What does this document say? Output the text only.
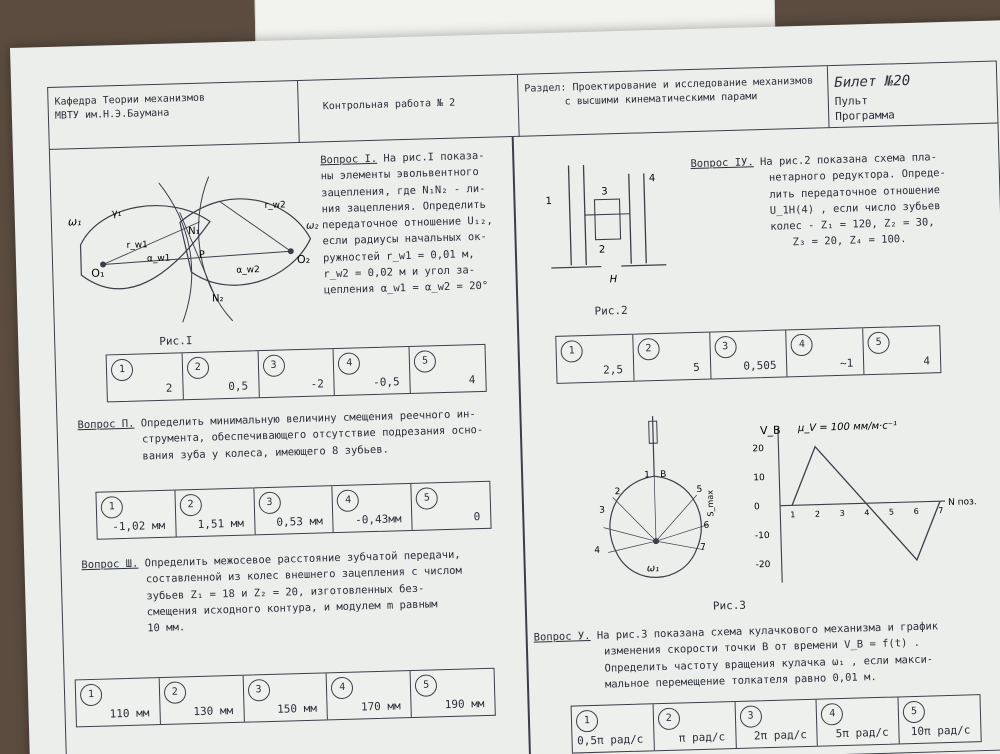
Кафедра Теории механизмов
МВТУ им.Н.Э.Баумана
Контрольная работа № 2
Раздел: Проектирование и исследование механизмов
с высшими кинематическими парами
Билет №20
Пульт
Программа
ω₁
γ₁
N₁
r_w1
α_w1	P
α_w2
N₂
r_w2
O₁
O₂
ω₂
Рис.I
Вопрос I. На рис.I показа-
ны элементы эвольвентного
зацепления, где N₁N₂ - ли-
ния зацепления. Определить
передаточное отношение U₁₂,
если радиусы начальных ок-
ружностей r_w1 = 0,01 м,
r_w2 = 0,02 м и угол за-
цепления α_w1 = α_w2 = 20°
1
2
2
0,5
3
-2
4
-0,5
5
4
Вопрос П. Определить минимальную величину смещения реечного ин-
струмента, обеспечивающего отсутствие подрезания осно-
вания зуба у колеса, имеющего 8 зубьев.
1
-1,02 мм
2
1,51 мм
3
0,53 мм
4
-0,43мм
5
0
Вопрос Ш. Определить межосевое расстояние зубчатой передачи,
составленной из колес внешнего зацепления с числом
зубьев Z₁ = 18 и Z₂ = 20, изготовленных без-
смещения исходного контура, и модулем m равным
10 мм.
1
110 мм
2
130 мм
3
150 мм
4
170 мм
5
190 мм
1
2
3
4
H
Рис.2
Вопрос IУ. На рис.2 показана схема пла-
нетарного редуктора. Опреде-
лить передаточное отношение
U_1H(4) , если число зубьев
колес - Z₁ = 120, Z₂ = 30,
Z₃ = 20, Z₄ = 100.
1
2,5
2
5
3
0,505
4
~1
5
4
B
1
2
3
4
5
6
7
S_max
ω₁
V_B μ_V = 100 мм/м·с⁻¹
N поз.
20
10
0
-10
-20
1 2 3 4 5 6 7
Рис.3
Вопрос У. На рис.3 показана схема кулачкового механизма и график
изменения скорости точки В от времени V_B = f(t) .
Определить частоту вращения кулачка ω₁ , если макси-
мальное перемещение толкателя равно 0,01 м.
1
0,5π рад/с
2
π рад/с
3
2π рад/с
4
5π рад/с
5
10π рад/с
